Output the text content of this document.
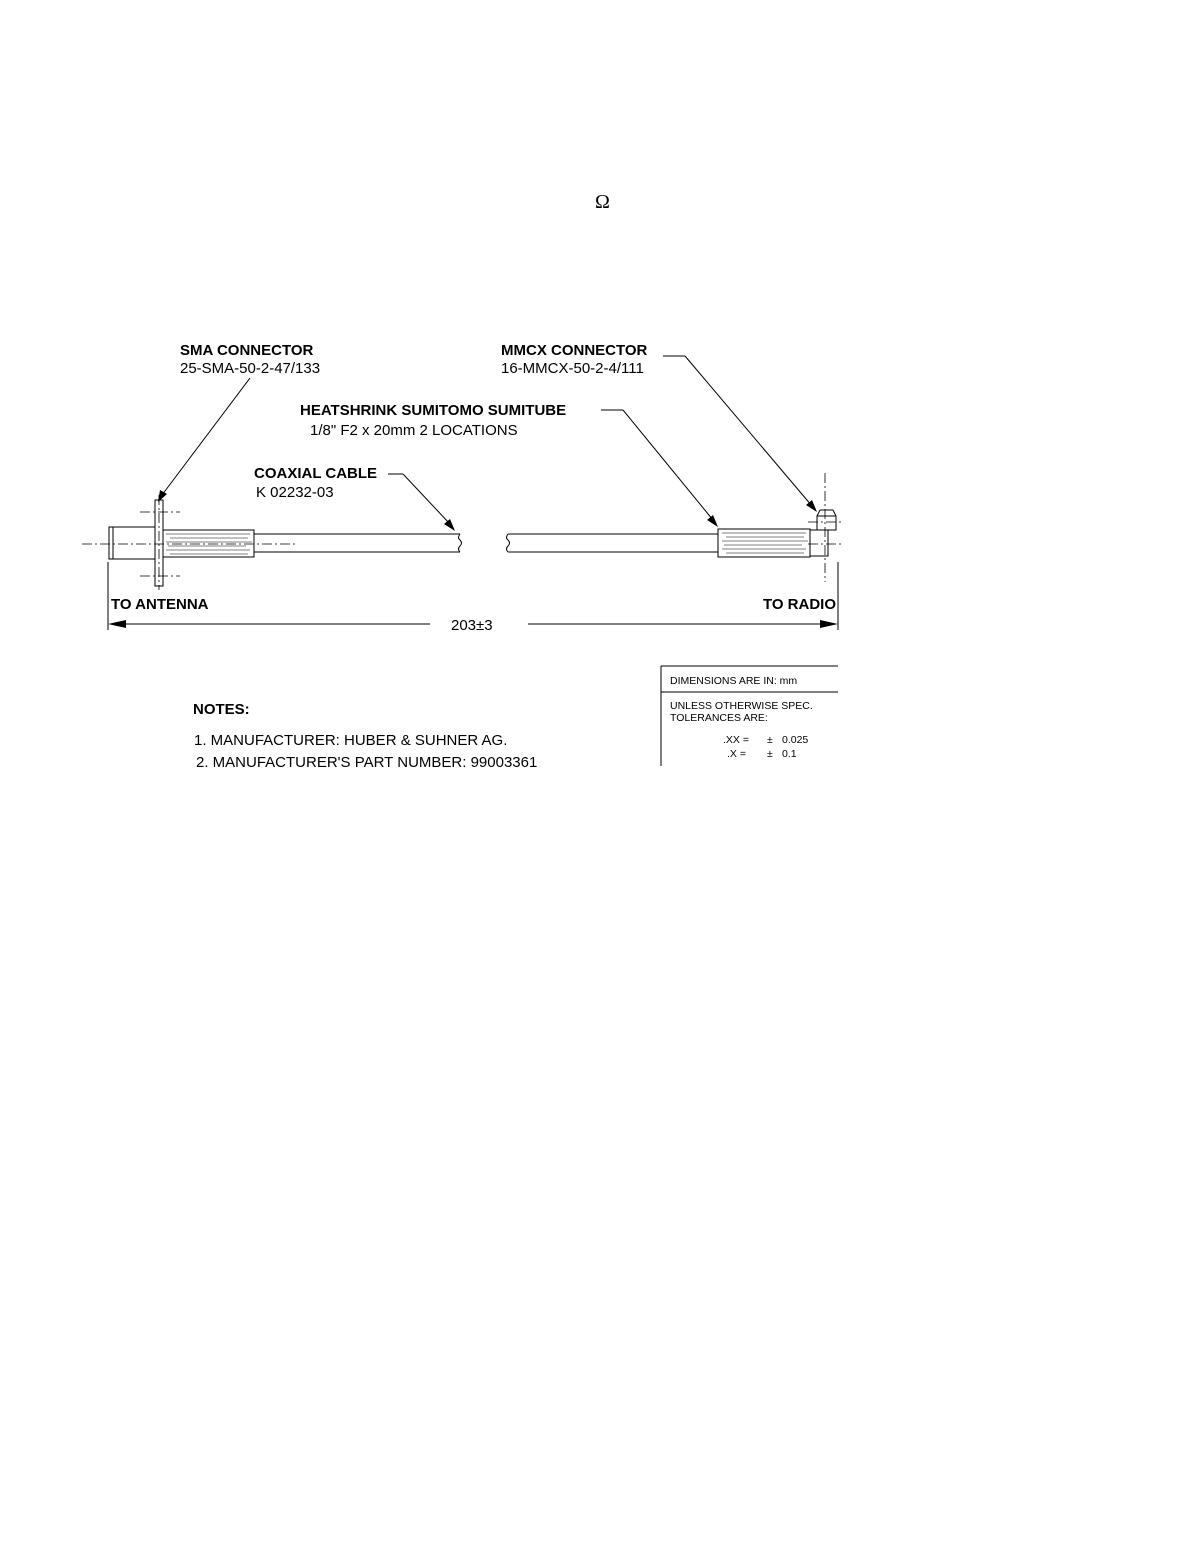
Ω
SMA CONNECTOR
25-SMA-50-2-47/133
MMCX CONNECTOR
16-MMCX-50-2-4/111
HEATSHRINK SUMITOMO SUMITUBE
1/8" F2 x 20mm 2 LOCATIONS
COAXIAL CABLE
K 02232-03
TO ANTENNA	TO RADIO
203±3
NOTES:
1. MANUFACTURER: HUBER & SUHNER AG.
2. MANUFACTURER'S PART NUMBER: 99003361
DIMENSIONS ARE IN: mm
UNLESS OTHERWISE SPEC.
TOLERANCES ARE:
.XX = ± 0.025
.X = ± 0.1
